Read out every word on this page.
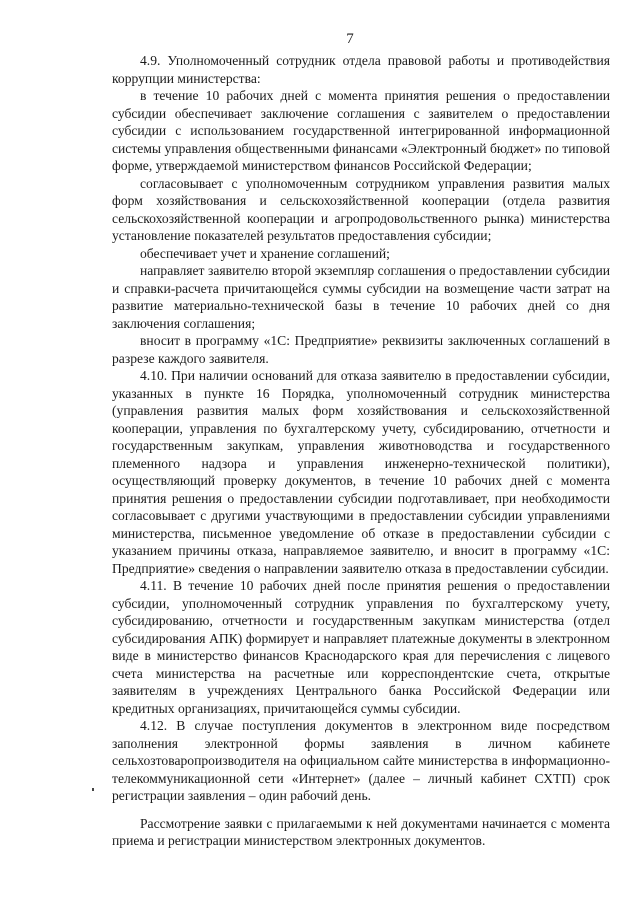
7

4.9. Уполномоченный сотрудник отдела правовой работы и противодействия коррупции министерства:

в течение 10 рабочих дней с момента принятия решения о предоставлении субсидии обеспечивает заключение соглашения с заявителем о предоставлении субсидии с использованием государственной интегрированной информационной системы управления общественными финансами «Электронный бюджет» по типовой форме, утверждаемой министерством финансов Российской Федерации;

согласовывает с уполномоченным сотрудником управления развития малых форм хозяйствования и сельскохозяйственной кооперации (отдела развития сельскохозяйственной кооперации и агропродовольственного рынка) министерства установление показателей результатов предоставления субсидии;

обеспечивает учет и хранение соглашений;

направляет заявителю второй экземпляр соглашения о предоставлении субсидии и справки-расчета причитающейся суммы субсидии на возмещение части затрат на развитие материально-технической базы в течение 10 рабочих дней со дня заключения соглашения;

вносит в программу «1С: Предприятие» реквизиты заключенных соглашений в разрезе каждого заявителя.

4.10. При наличии оснований для отказа заявителю в предоставлении субсидии, указанных в пункте 16 Порядка, уполномоченный сотрудник министерства (управления развития малых форм хозяйствования и сельскохозяйственной кооперации, управления по бухгалтерскому учету, субсидированию, отчетности и государственным закупкам, управления животноводства и государственного племенного надзора и управления инженерно-технической политики), осуществляющий проверку документов, в течение 10 рабочих дней с момента принятия решения о предоставлении субсидии подготавливает, при необходимости согласовывает с другими участвующими в предоставлении субсидии управлениями министерства, письменное уведомление об отказе в предоставлении субсидии с указанием причины отказа, направляемое заявителю, и вносит в программу «1С: Предприятие» сведения о направлении заявителю отказа в предоставлении субсидии.

4.11. В течение 10 рабочих дней после принятия решения о предоставлении субсидии, уполномоченный сотрудник управления по бухгалтерскому учету, субсидированию, отчетности и государственным закупкам министерства (отдел субсидирования АПК) формирует и направляет платежные документы в электронном виде в министерство финансов Краснодарского края для перечисления с лицевого счета министерства на расчетные или корреспондентские счета, открытые заявителям в учреждениях Центрального банка Российской Федерации или кредитных организациях, причитающейся суммы субсидии.

4.12. В случае поступления документов в электронном виде посредством заполнения электронной формы заявления в личном кабинете сельхозтоваропроизводителя на официальном сайте министерства в информационно-телекоммуникационной сети «Интернет» (далее – личный кабинет СХТП) срок регистрации заявления – один рабочий день.

Рассмотрение заявки с прилагаемыми к ней документами начинается с момента приема и регистрации министерством электронных документов.
